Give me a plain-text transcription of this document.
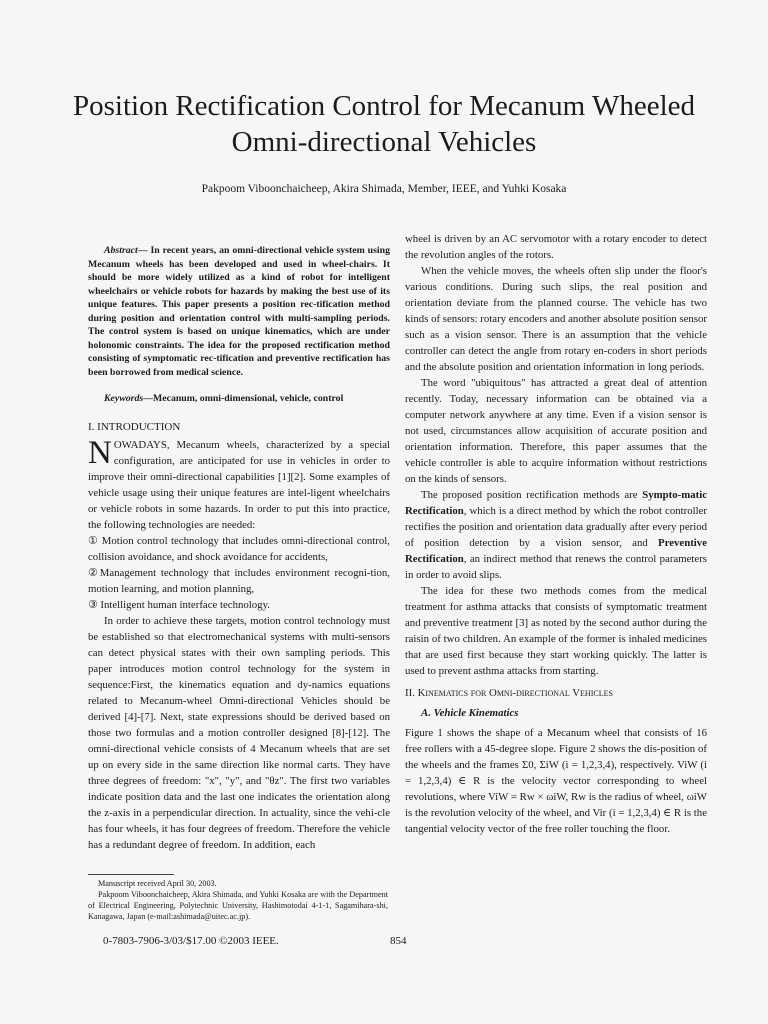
Position Rectification Control for Mecanum Wheeled Omni-directional Vehicles
Pakpoom Viboonchaicheep, Akira Shimada, Member, IEEE, and Yuhki Kosaka

Abstract— In recent years, an omni-directional vehicle system using Mecanum wheels has been developed and used in wheel-chairs. It should be more widely utilized as a kind of robot for intelligent wheelchairs or vehicle robots for hazards by making the best use of its unique features. This paper presents a position rec-tification method during position and orientation control with multi-sampling periods. The control system is based on unique kinematics, which are under holonomic constraints. The idea for the proposed rectification method consisting of symptomatic rec-tification and preventive rectification has been borrowed from medical science.

Keywords—Mecanum, omni-dimensional, vehicle, control

I. INTRODUCTION

NOWADAYS, Mecanum wheels, characterized by a special configuration, are anticipated for use in vehicles in order to improve their omni-directional capabilities [1][2]. Some examples of vehicle usage using their unique features are intel-ligent wheelchairs or vehicle robots in some hazards. In order to put this into practice, the following technologies are needed:

① Motion control technology that includes omni-directional control, collision avoidance, and shock avoidance for accidents,

②Management technology that includes environment recogni-tion, motion learning, and motion planning,

③ Intelligent human interface technology.

In order to achieve these targets, motion control technology must be established so that electromechanical systems with multi-sensors can detect physical states with their own sampling periods. This paper introduces motion control technology for the system in sequence:First, the kinematics equation and dy-namics equations related to Mecanum-wheel Omni-directional Vehicles should be derived [4]-[7]. Next, state expressions should be derived based on those two formulas and a motion controller designed [8]-[12]. The omni-directional vehicle consists of 4 Mecanum wheels that are set up on every side in the same direction like normal carts. They have three degrees of freedom: "x", "y", and "θz". The first two variables indicate position data and the last one indicates the orientation along the z-axis in a perpendicular direction. In actuality, since the vehi-cle has four wheels, it has four degrees of freedom. Therefore the vehicle has a redundant degree of freedom. In addition, each

wheel is driven by an AC servomotor with a rotary encoder to detect the revolution angles of the rotors.

When the vehicle moves, the wheels often slip under the floor's various conditions. During such slips, the real position and orientation deviate from the planned course. The vehicle has two kinds of sensors: rotary encoders and another absolute position sensor such as a vision sensor. There is an assumption that the vehicle controller can detect the angle from rotary en-coders in short periods and the absolute position and orientation information in long periods.

The word "ubiquitous" has attracted a great deal of attention recently. Today, necessary information can be obtained via a computer network anywhere at any time. Even if a vision sensor is not used, circumstances allow acquisition of accurate position and orientation information. Therefore, this paper assumes that the vehicle controller is able to acquire information without restrictions on the kinds of sensors.

The proposed position rectification methods are Sympto-matic Rectification, which is a direct method by which the robot controller rectifies the position and orientation data gradually after every period of position detection by a vision sensor, and Preventive Rectification, an indirect method that renews the control parameters in order to avoid slips.

The idea for these two methods comes from the medical treatment for asthma attacks that consists of symptomatic treatment and preventive treatment [3] as noted by the second author during the raisin of two children. An example of the former is inhaled medicines that are used first because they start working quickly. The latter is used to prevent asthma attacks from starting.

II. Kinematics for Omni-directional Vehicles

A. Vehicle Kinematics

Figure 1 shows the shape of a Mecanum wheel that consists of 16 free rollers with a 45-degree slope. Figure 2 shows the dis-position of the wheels and the frames Σ0, ΣiW (i = 1,2,3,4), respectively. ViW (i = 1,2,3,4) ∈ R is the velocity vector corresponding to wheel revolutions, where ViW = Rw × ωiW, Rw is the radius of wheel, ωiW is the revolution velocity of the wheel, and Vir (i = 1,2,3,4) ∈ R is the tangential velocity vector of the free roller touching the floor.

Manuscript received April 30, 2003.

Pakpoom Viboonchaicheep, Akira Shimada, and Yuhki Kosaka are with the Department of Electrical Engineering, Polytechnic University, Hashimotodai 4-1-1, Sagamihara-shi, Kanagawa, Japan (e-mail:ashimada@uitec.ac.jp).

0-7803-7906-3/03/$17.00 ©2003 IEEE.	854
